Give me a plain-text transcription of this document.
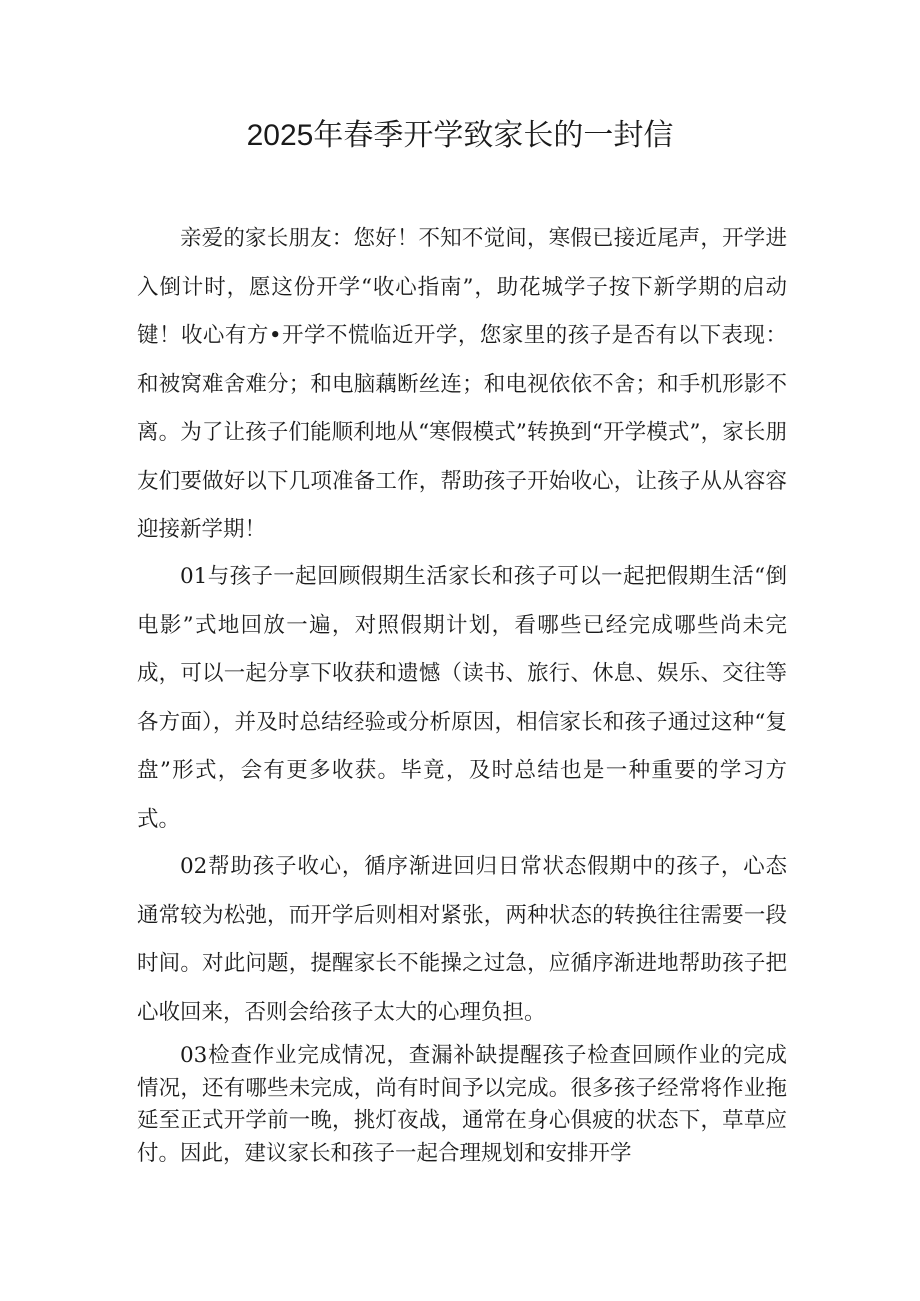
2025年春季开学致家长的一封信

亲爱的家长朋友：您好！不知不觉间，寒假已接近尾声，开学进入倒计时，愿这份开学“收心指南”，助花城学子按下新学期的启动键！收心有方•开学不慌临近开学，您家里的孩子是否有以下表现：和被窝难舍难分；和电脑藕断丝连；和电视依依不舍；和手机形影不离。为了让孩子们能顺利地从“寒假模式”转换到“开学模式”，家长朋友们要做好以下几项准备工作，帮助孩子开始收心，让孩子从从容容迎接新学期！

01与孩子一起回顾假期生活家长和孩子可以一起把假期生活“倒电影”式地回放一遍，对照假期计划，看哪些已经完成哪些尚未完成，可以一起分享下收获和遗憾（读书、旅行、休息、娱乐、交往等各方面），并及时总结经验或分析原因，相信家长和孩子通过这种“复盘”形式，会有更多收获。毕竟，及时总结也是一种重要的学习方式。

02帮助孩子收心，循序渐进回归日常状态假期中的孩子，心态通常较为松弛，而开学后则相对紧张，两种状态的转换往往需要一段时间。对此问题，提醒家长不能操之过急，应循序渐进地帮助孩子把心收回来，否则会给孩子太大的心理负担。

03检查作业完成情况，查漏补缺提醒孩子检查回顾作业的完成情况，还有哪些未完成，尚有时间予以完成。很多孩子经常将作业拖延至正式开学前一晚，挑灯夜战，通常在身心俱疲的状态下，草草应付。因此，建议家长和孩子一起合理规划和安排开学
